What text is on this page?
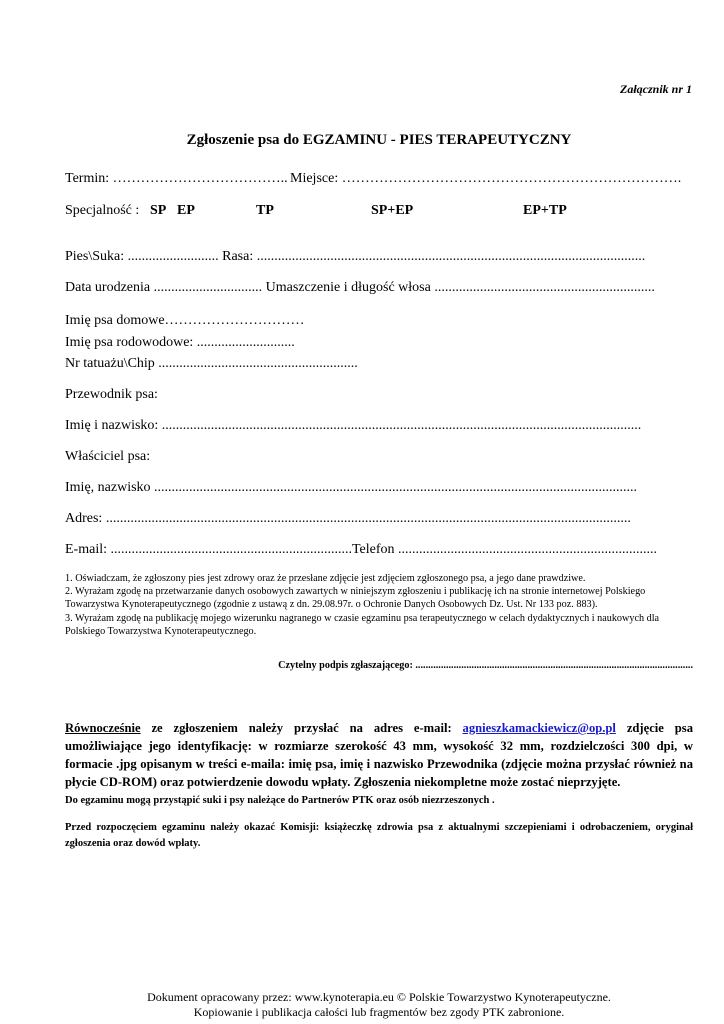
Załącznik nr 1
Zgłoszenie psa do EGZAMINU - PIES TERAPEUTYCZNY
Termin: ……………………………….. Miejsce: ……………………………………………………………….
Specjalność : SP EP	TP	SP+EP	EP+TP
Pies\Suka: .......................... Rasa: ...............................................................................................................
Data urodzenia ............................... Umaszczenie i długość włosa ...............................................................
Imię psa domowe…………………………
Imię psa rodowodowe: ............................
Nr tatuażu\Chip .........................................................
Przewodnik psa:
Imię i nazwisko: .........................................................................................................................................
Właściciel psa:
Imię, nazwisko ..........................................................................................................................................
Adres: ......................................................................................................................................................
E-mail: .....................................................................Telefon ..........................................................................

1. Oświadczam, że zgłoszony pies jest zdrowy oraz że przesłane zdjęcie jest zdjęciem zgłoszonego psa, a jego dane prawdziwe.

2. Wyrażam zgodę na przetwarzanie danych osobowych zawartych w niniejszym zgłoszeniu i publikację ich na stronie internetowej Polskiego Towarzystwa Kynoterapeutycznego (zgodnie z ustawą z dn. 29.08.97r. o Ochronie Danych Osobowych Dz. Ust. Nr 133 poz. 883).

3. Wyrażam zgodę na publikację mojego wizerunku nagranego w czasie egzaminu psa terapeutycznego w celach dydaktycznych i naukowych dla Polskiego Towarzystwa Kynoterapeutycznego.

Czytelny podpis zgłaszającego: .............................................................................................................
Równocześnie ze zgłoszeniem należy przysłać na adres e-mail: agnieszkamackiewicz@op.pl zdjęcie psa umożliwiające jego identyfikację: w rozmiarze szerokość 43 mm, wysokość 32 mm, rozdzielczości 300 dpi, w formacie .jpg opisanym w treści e-maila: imię psa, imię i nazwisko Przewodnika (zdjęcie można przysłać również na płycie CD-ROM) oraz potwierdzenie dowodu wpłaty. Zgłoszenia niekompletne może zostać nieprzyjęte.
Do egzaminu mogą przystąpić suki i psy należące do Partnerów PTK oraz osób niezrzeszonych .
Przed rozpoczęciem egzaminu należy okazać Komisji: książeczkę zdrowia psa z aktualnymi szczepieniami i odrobaczeniem, oryginał zgłoszenia oraz dowód wpłaty.
Dokument opracowany przez: www.kynoterapia.eu © Polskie Towarzystwo Kynoterapeutyczne.
Kopiowanie i publikacja całości lub fragmentów bez zgody PTK zabronione.
